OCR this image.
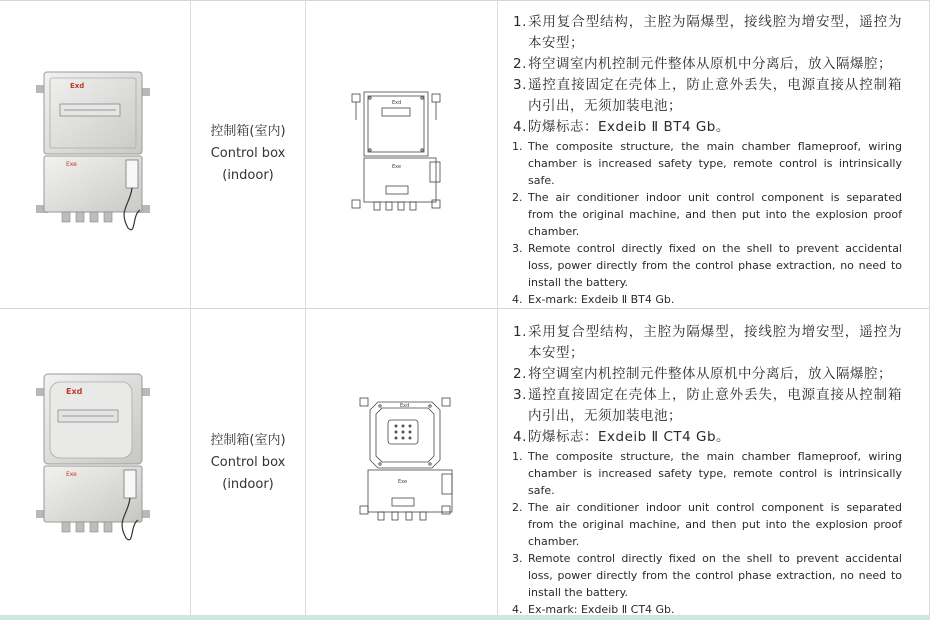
Exd
Exe
控制箱(室内)
Control box
(indoor)
Exd
Exe
1. 采用复合型结构，主腔为隔爆型，接线腔为增安型，遥控为本安型；
2. 将空调室内机控制元件整体从原机中分离后，放入隔爆腔；
3. 遥控直接固定在壳体上，防止意外丢失，电源直接从控制箱内引出，无须加装电池；
4. 防爆标志：Exdeib Ⅱ BT4 Gb。
1. The composite structure, the main chamber flameproof, wiring chamber is increased safety type, remote control is intrinsically safe.
2. The air conditioner indoor unit control component is separated from the original machine, and then put into the explosion proof chamber.
3. Remote control directly fixed on the shell to prevent accidental loss, power directly from the control phase extraction, no need to install the battery.
4. Ex-mark: Exdeib Ⅱ BT4 Gb.
Exd
Exe
控制箱(室内)
Control box
(indoor)
Exd
Exe
1. 采用复合型结构，主腔为隔爆型，接线腔为增安型，遥控为本安型；
2. 将空调室内机控制元件整体从原机中分离后，放入隔爆腔；
3. 遥控直接固定在壳体上，防止意外丢失，电源直接从控制箱内引出，无须加装电池；
4. 防爆标志：Exdeib Ⅱ CT4 Gb。
1. The composite structure, the main chamber flameproof, wiring chamber is increased safety type, remote control is intrinsically safe.
2. The air conditioner indoor unit control component is separated from the original machine, and then put into the explosion proof chamber.
3. Remote control directly fixed on the shell to prevent accidental loss, power directly from the control phase extraction, no need to install the battery.
4. Ex-mark: Exdeib Ⅱ CT4 Gb.
